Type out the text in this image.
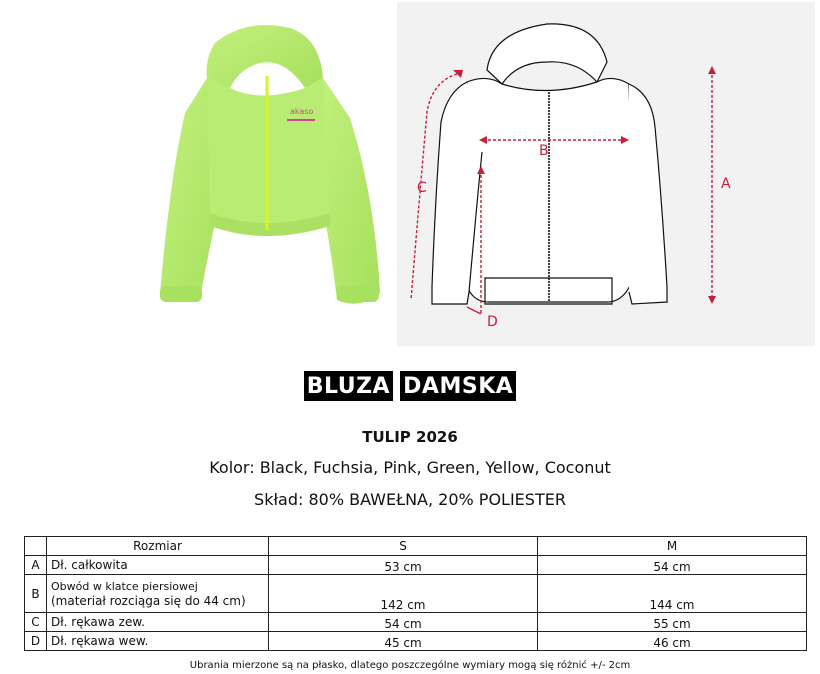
akaso
A
B
C
D
BLUZA DAMSKA
TULIP 2026
Kolor: Black, Fuchsia, Pink, Green, Yellow, Coconut
Skład: 80% BAWEŁNA, 20% POLIESTER
	Rozmiar	S	M
A	Dł. całkowita	53 cm	54 cm
B	Obwód w klatce piersiowej
(materiał rozciąga się do 44 cm)	142 cm	144 cm
C	Dł. rękawa zew.	54 cm	55 cm
D	Dł. rękawa wew.	45 cm	46 cm
Ubrania mierzone są na płasko, dlatego poszczególne wymiary mogą się różnić +/- 2cm
